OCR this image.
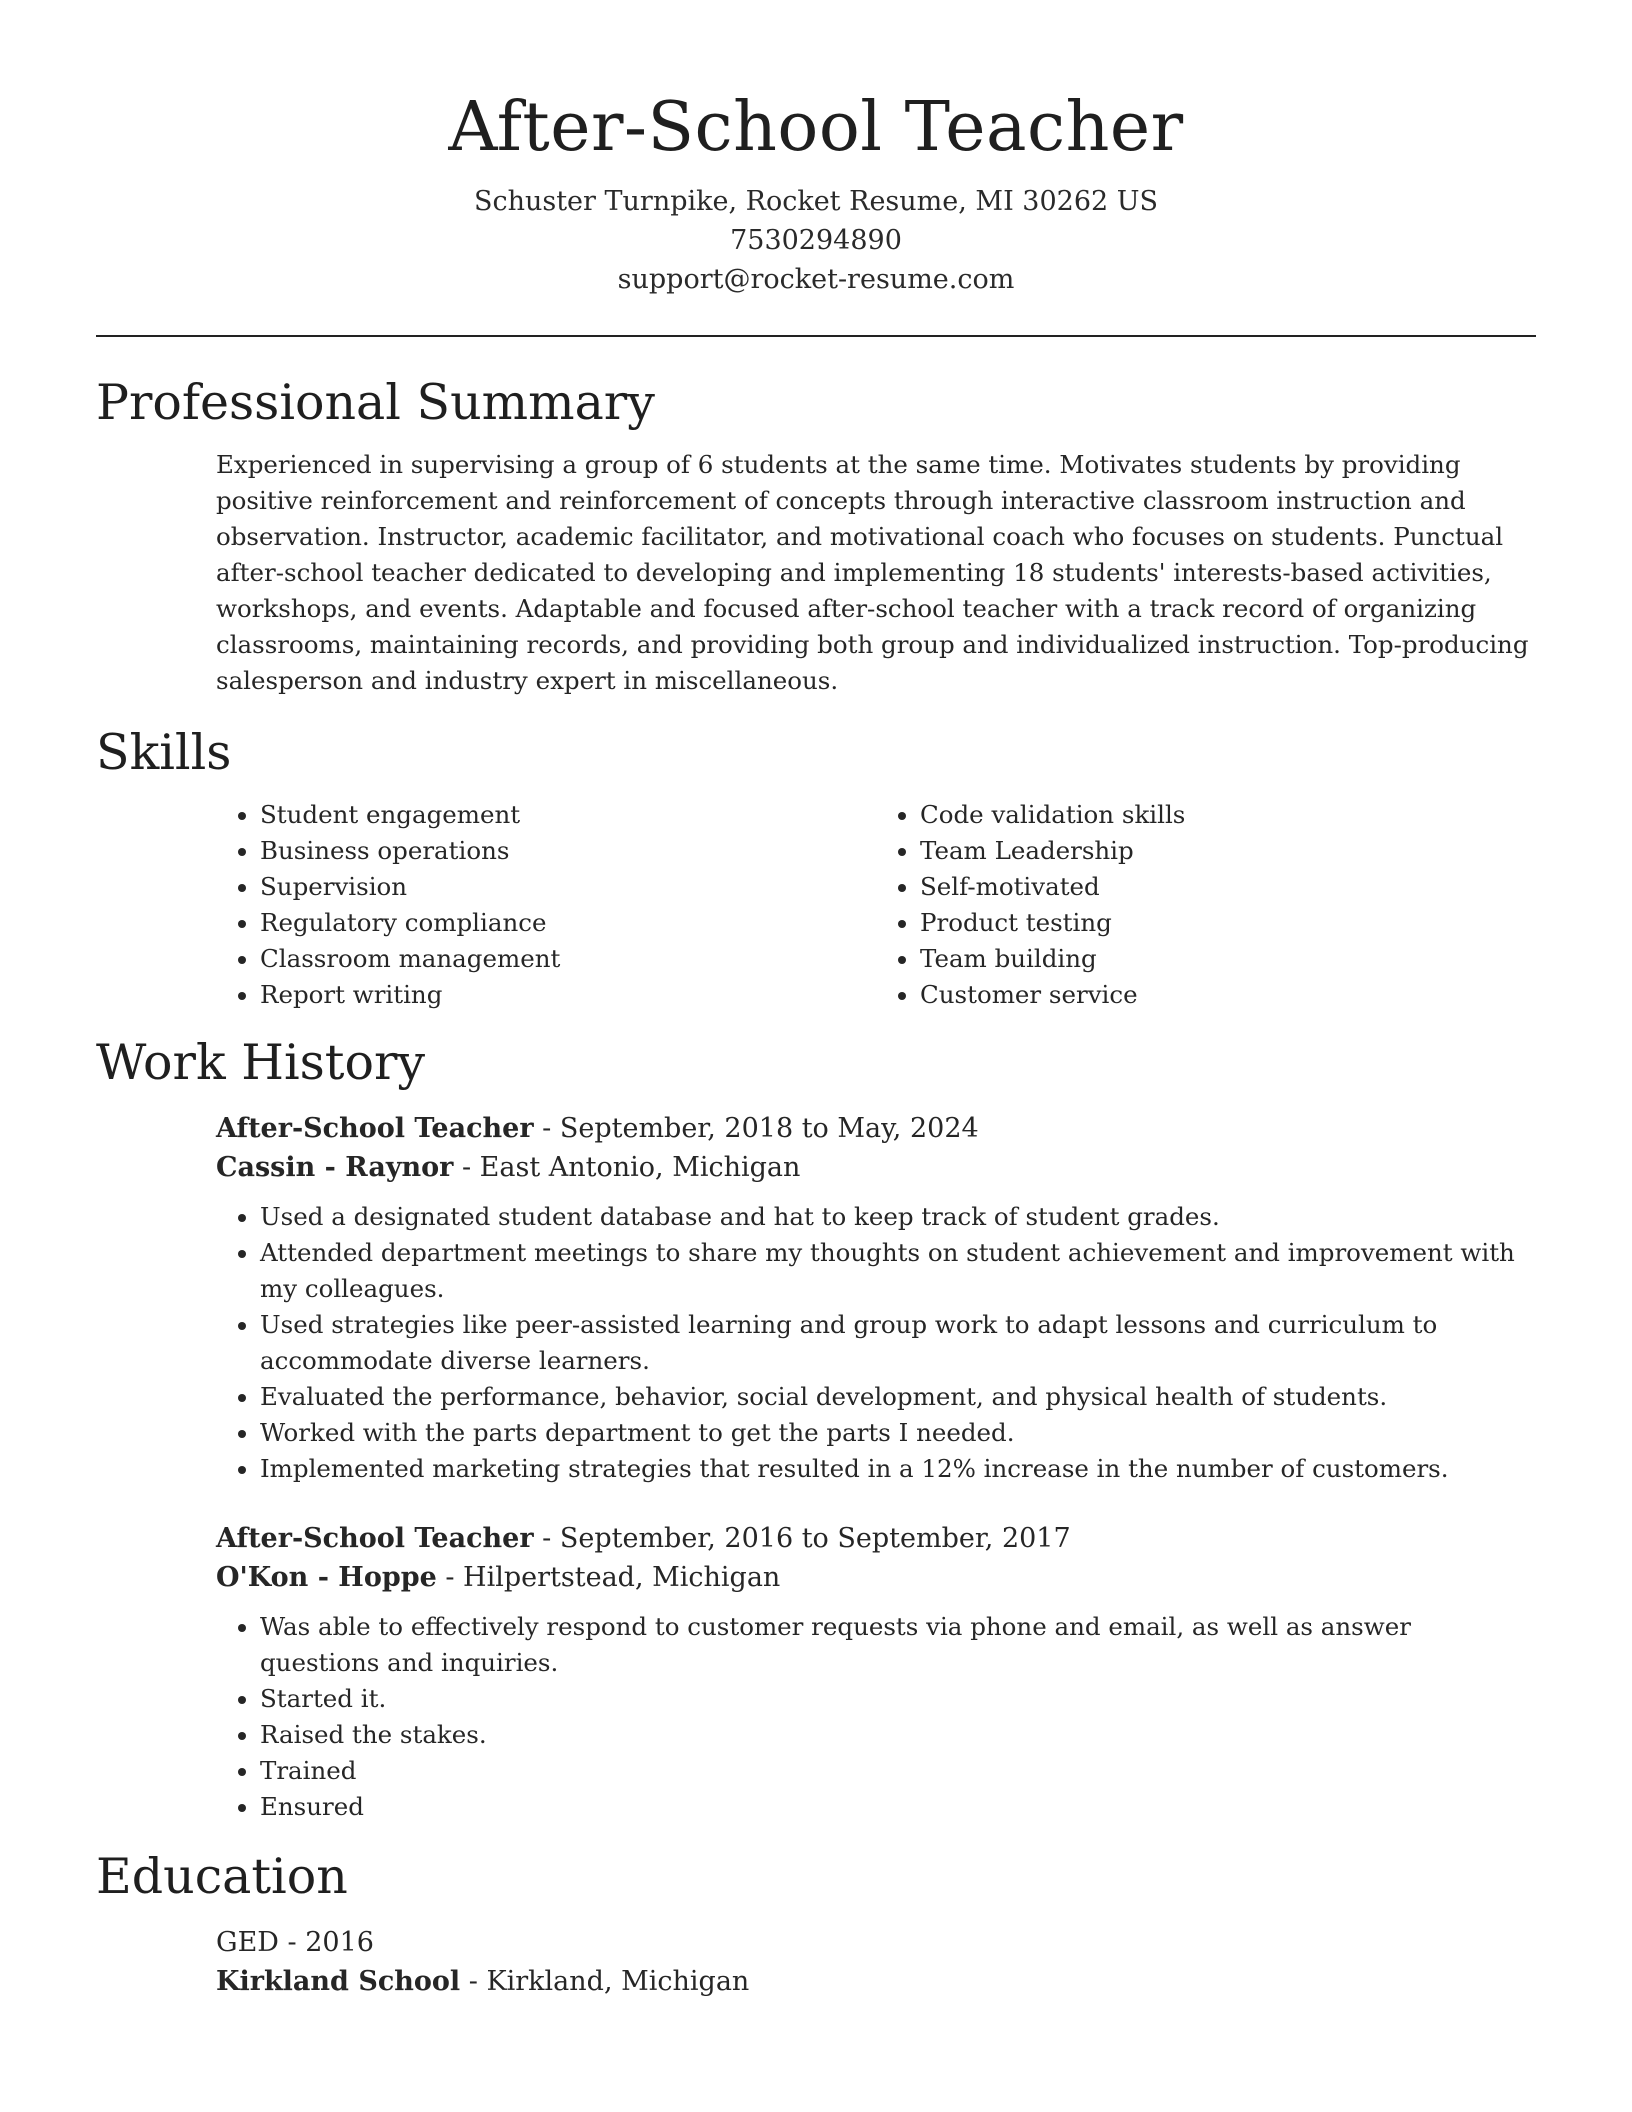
After-School Teacher
Schuster Turnpike, Rocket Resume, MI 30262 US
7530294890
support@rocket-resume.com
Professional Summary

Experienced in supervising a group of 6 students at the same time. Motivates students by providing positive reinforcement and reinforcement of concepts through interactive classroom instruction and observation. Instructor, academic facilitator, and motivational coach who focuses on students. Punctual after-school teacher dedicated to developing and implementing 18 students' interests-based activities, workshops, and events. Adaptable and focused after-school teacher with a track record of organizing classrooms, maintaining records, and providing both group and individualized instruction. Top-producing salesperson and industry expert in miscellaneous.

Skills
• Student engagement
• Business operations
• Supervision
• Regulatory compliance
• Classroom management
• Report writing
• Code validation skills
• Team Leadership
• Self-motivated
• Product testing
• Team building
• Customer service
Work History
After-School Teacher - September, 2018 to May, 2024
Cassin - Raynor - East Antonio, Michigan
• Used a designated student database and hat to keep track of student grades.
• Attended department meetings to share my thoughts on student achievement and improvement with my colleagues.
• Used strategies like peer-assisted learning and group work to adapt lessons and curriculum to accommodate diverse learners.
• Evaluated the performance, behavior, social development, and physical health of students.
• Worked with the parts department to get the parts I needed.
• Implemented marketing strategies that resulted in a 12% increase in the number of customers.
After-School Teacher - September, 2016 to September, 2017
O'Kon - Hoppe - Hilpertstead, Michigan
• Was able to effectively respond to customer requests via phone and email, as well as answer questions and inquiries.
• Started it.
• Raised the stakes.
• Trained
• Ensured
Education
GED - 2016
Kirkland School - Kirkland, Michigan
